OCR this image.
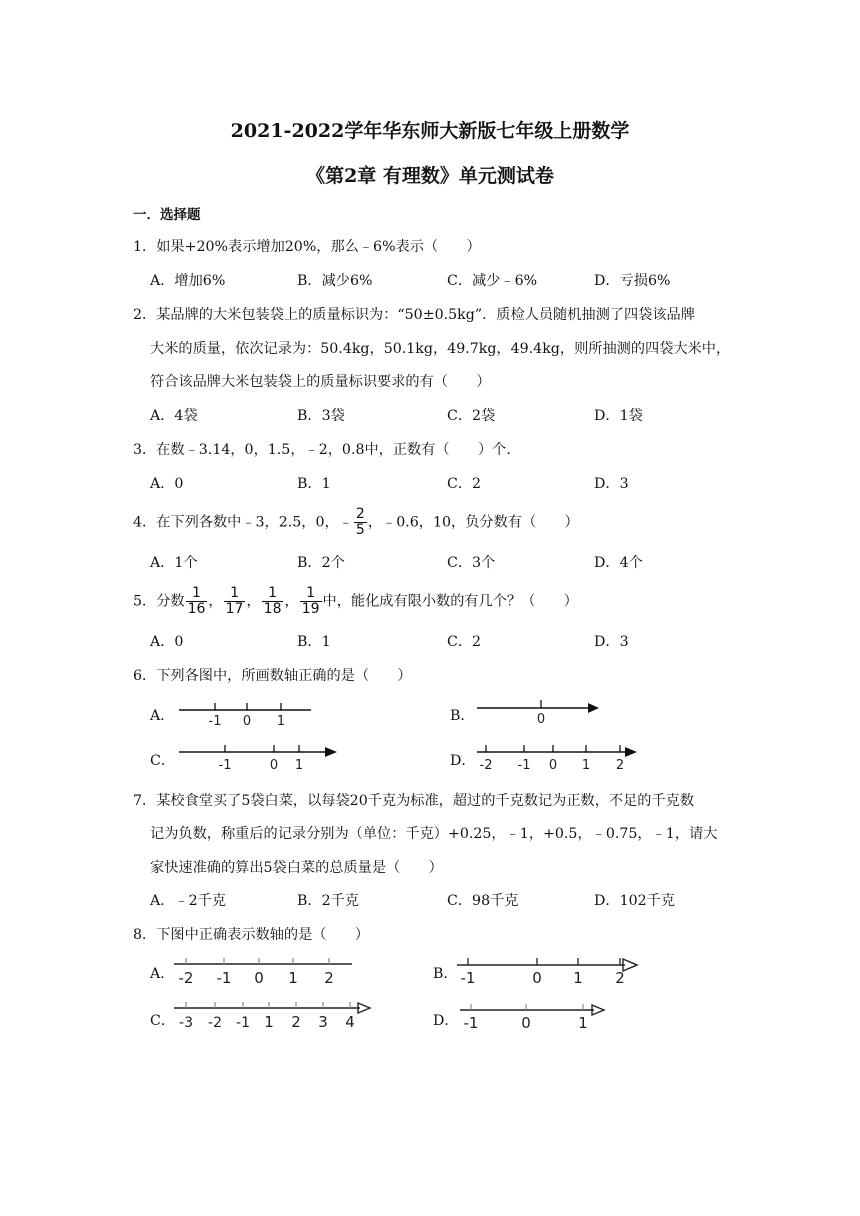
2021-2022学年华东师大新版七年级上册数学
《第2章 有理数》单元测试卷
一．选择题
1．如果+20%表示增加20%，那么﹣6%表示（　　）
A．增加6%	B．减少6%	C．减少﹣6%	D．亏损6%
2．某品牌的大米包装袋上的质量标识为：“50±0.5kg”．质检人员随机抽测了四袋该品牌
大米的质量，依次记录为：50.4kg，50.1kg，49.7kg，49.4kg，则所抽测的四袋大米中，
符合该品牌大米包装袋上的质量标识要求的有（　　）
A．4袋	B．3袋	C．2袋	D．1袋
3．在数﹣3.14，0，1.5，﹣2，0.8中，正数有（　　）个．
A．0	B．1	C．2	D．3
4．在下列各数中﹣3，2.5，0，﹣ $\frac{2}{5}$ ，﹣0.6，10，负分数有（　　）
A．1个	B．2个	C．3个	D．4个
5．分数 $\frac{1}{16}$ ， $\frac{1}{17}$ ， $\frac{1}{18}$ ， $\frac{1}{19}$ 中，能化成有限小数的有几个？（　　）
A．0	B．1	C．2	D．3
6．下列各图中，所画数轴正确的是（　　）
A．	B．
C．	D．
-1 0 1	0
-1	0 1	-2 -1 0 1 2
7．某校食堂买了5袋白菜，以每袋20千克为标准，超过的千克数记为正数，不足的千克数
记为负数，称重后的记录分别为（单位：千克）+0.25，﹣1，+0.5，﹣0.75，﹣1，请大
家快速准确的算出5袋白菜的总质量是（　　）
A．﹣2千克	B．2千克	C．98千克	D．102千克
8．下图中正确表示数轴的是（　　）
A．	B．
C．	D．
-2 -1 0 1 2	-1	0 1 2
-3 -2 -1 1 2 3 4	-1	0	1
